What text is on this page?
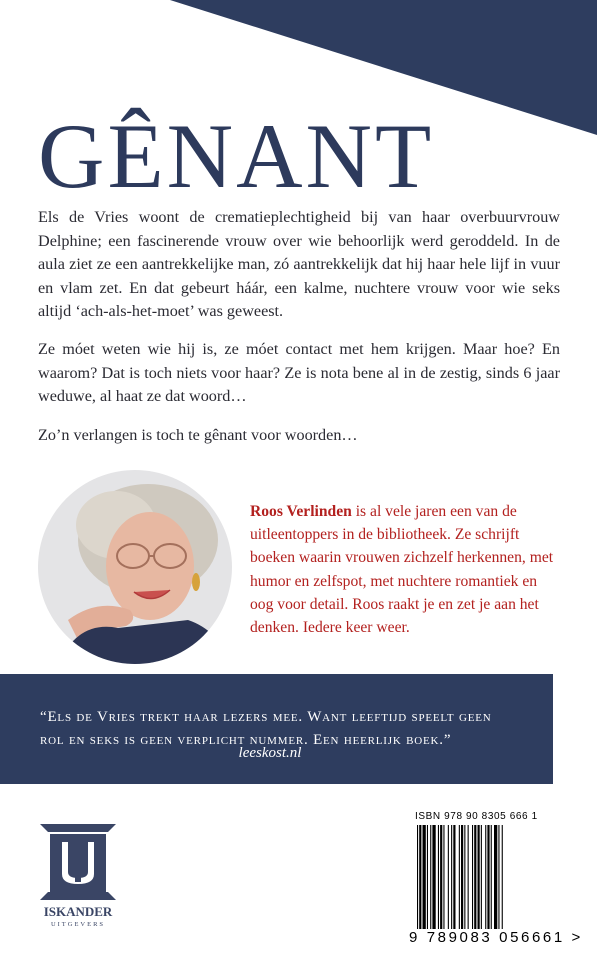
GÊNANT

Els de Vries woont de crematieplechtigheid bij van haar overbuurvrouw Delphine; een fascinerende vrouw over wie behoorlijk werd geroddeld. In de aula ziet ze een aantrekkelijke man, zó aantrekkelijk dat hij haar hele lijf in vuur en vlam zet. En dat gebeurt háár, een kalme, nuchtere vrouw voor wie seks altijd ‘ach-als-het-moet’ was geweest.

Ze móet weten wie hij is, ze móet contact met hem krijgen. Maar hoe? En waarom? Dat is toch niets voor haar? Ze is nota bene al in de zestig, sinds 6 jaar weduwe, al haat ze dat woord…

Zo’n verlangen is toch te gênant voor woorden…

Roos Verlinden is al vele jaren een van de uitleentoppers in de bibliotheek. Ze schrijft boeken waarin vrouwen zichzelf herkennen, met humor en zelfspot, met nuchtere romantiek en oog voor detail. Roos raakt je en zet je aan het denken. Iedere keer weer.

“Els de Vries trekt haar lezers mee. Want leeftijd speelt geen rol en seks is geen verplicht nummer. Een heerlijk boek.”

leeskost.nl
ISKANDER
UITGEVERS
ISBN 978 90 8305 666 1
9 789083 056661 >
